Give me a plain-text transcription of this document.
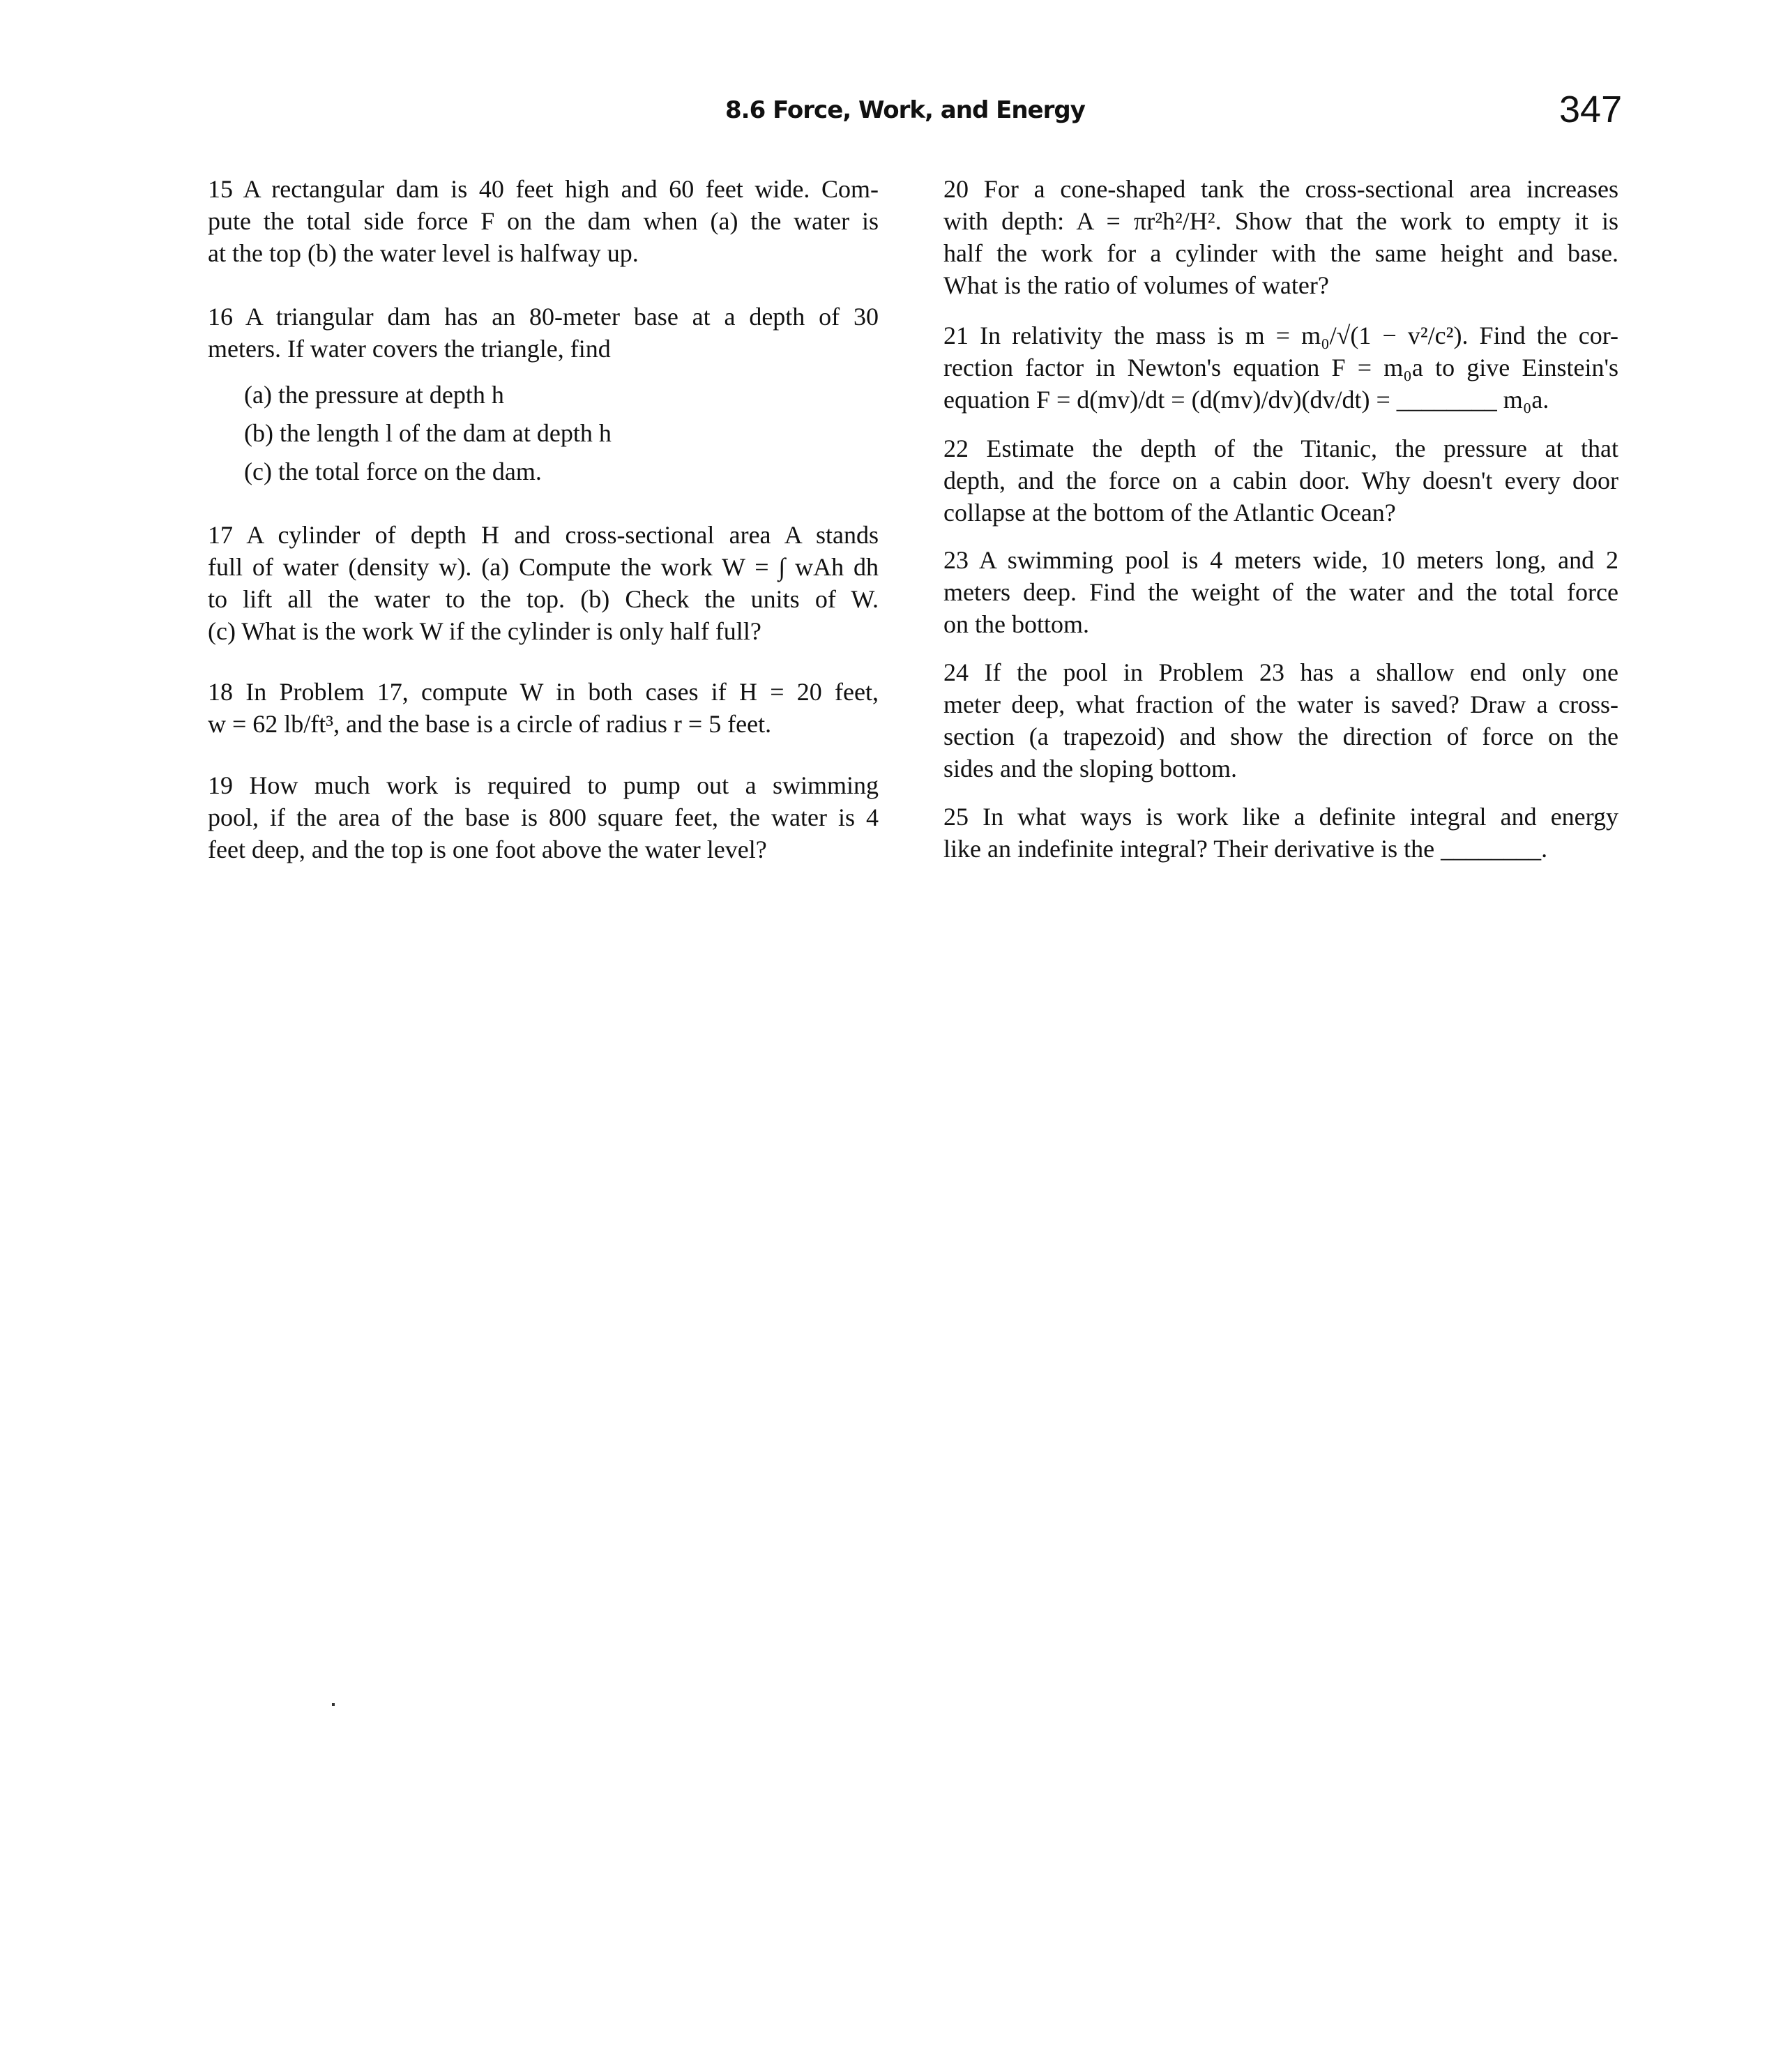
8.6 Force, Work, and Energy	347
15 A rectangular dam is 40 feet high and 60 feet wide. Com-
pute the total side force F on the dam when (a) the water is
at the top (b) the water level is halfway up.
16 A triangular dam has an 80-meter base at a depth of 30
meters. If water covers the triangle, find
(a) the pressure at depth h
(b) the length l of the dam at depth h
(c) the total force on the dam.
17 A cylinder of depth H and cross-sectional area A stands
full of water (density w). (a) Compute the work W = ∫ wAh dh
to lift all the water to the top. (b) Check the units of W.
(c) What is the work W if the cylinder is only half full?
18 In Problem 17, compute W in both cases if H = 20 feet,
w = 62 lb/ft³, and the base is a circle of radius r = 5 feet.
19 How much work is required to pump out a swimming
pool, if the area of the base is 800 square feet, the water is 4
feet deep, and the top is one foot above the water level?
20 For a cone-shaped tank the cross-sectional area increases
with depth: A = πr²h²/H². Show that the work to empty it is
half the work for a cylinder with the same height and base.
What is the ratio of volumes of water?
21 In relativity the mass is m = m₀/√(1 − v²/c²). Find the cor-
rection factor in Newton's equation F = m₀a to give Einstein's
equation F = d(mv)/dt = (d(mv)/dv)(dv/dt) = ________ m₀a.
22 Estimate the depth of the Titanic, the pressure at that
depth, and the force on a cabin door. Why doesn't every door
collapse at the bottom of the Atlantic Ocean?
23 A swimming pool is 4 meters wide, 10 meters long, and 2
meters deep. Find the weight of the water and the total force
on the bottom.
24 If the pool in Problem 23 has a shallow end only one
meter deep, what fraction of the water is saved? Draw a cross-
section (a trapezoid) and show the direction of force on the
sides and the sloping bottom.
25 In what ways is work like a definite integral and energy
like an indefinite integral? Their derivative is the ________.
